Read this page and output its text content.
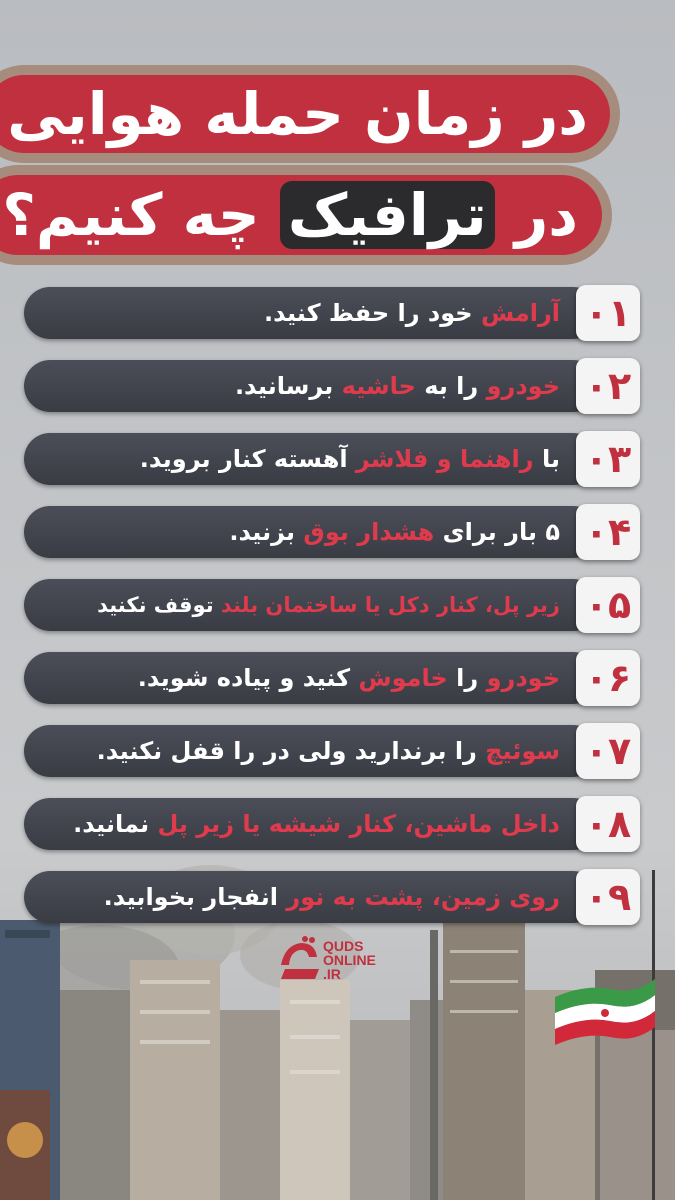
در زمان حمله هوایی
در ترافیک چه کنیم؟
آرامش خود را حفظ کنید.	۰۱
خودرو را به حاشیه برسانید.	۰۲
با راهنما و فلاشر آهسته کنار بروید.	۰۳
۵ بار برای هشدار بوق بزنید.	۰۴
زیر پل، کنار دکل یا ساختمان بلند توقف نکنید	۰۵
خودرو را خاموش کنید و پیاده شوید.	۰۶
سوئیچ را برندارید ولی در را قفل نکنید.	۰۷
داخل ماشین، کنار شیشه یا زیر پل نمانید.	۰۸
روی زمین، پشت به نور انفجار بخوابید.	۰۹
QUDS
ONLINE
.IR
